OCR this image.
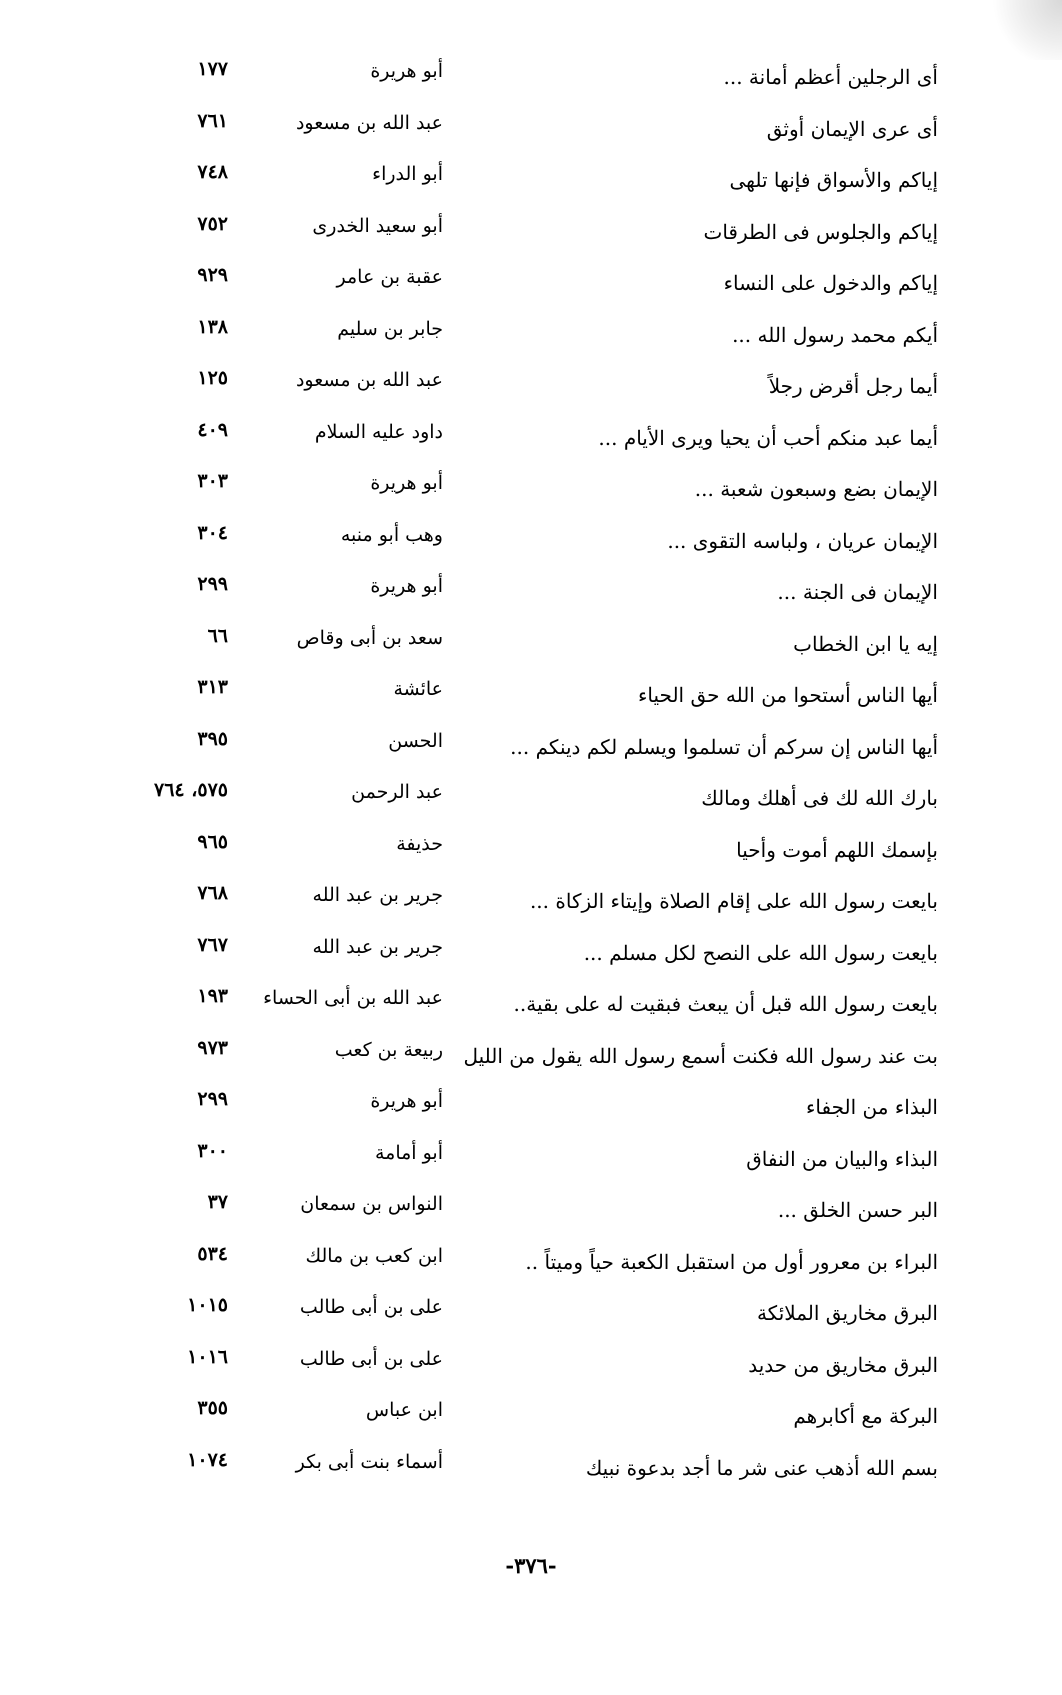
أى الرجلين أعظم أمانة ...
أبو هريرة
١٧٧
أى عرى الإيمان أوثق
عبد الله بن مسعود
٧٦١
إياكم والأسواق فإنها تلهى
أبو الدراء
٧٤٨
إياكم والجلوس فى الطرقات
أبو سعيد الخدرى
٧٥٢
إياكم والدخول على النساء
عقبة بن عامر
٩٢٩
أيكم محمد رسول الله ...
جابر بن سليم
١٣٨
أيما رجل أقرض رجلاً
عبد الله بن مسعود
١٢٥
أيما عبد منكم أحب أن يحيا ويرى الأيام ...
داود عليه السلام
٤٠٩
الإيمان بضع وسبعون شعبة ...
أبو هريرة
٣٠٣
الإيمان عريان ، ولباسه التقوى ...
وهب أبو منبه
٣٠٤
الإيمان فى الجنة ...
أبو هريرة
٢٩٩
إيه يا ابن الخطاب
سعد بن أبى وقاص
٦٦
أيها الناس أستحوا من الله حق الحياء
عائشة
٣١٣
أيها الناس إن سركم أن تسلموا ويسلم لكم دينكم ...
الحسن
٣٩٥
بارك الله لك فى أهلك ومالك
عبد الرحمن
٥٧٥، ٧٦٤
بإسمك اللهم أموت وأحيا
حذيفة
٩٦٥
بايعت رسول الله على إقام الصلاة وإيتاء الزكاة ...
جرير بن عبد الله
٧٦٨
بايعت رسول الله على النصح لكل مسلم ...
جرير بن عبد الله
٧٦٧
بايعت رسول الله قبل أن يبعث فبقيت له على بقية..
عبد الله بن أبى الحساء
١٩٣
بت عند رسول الله فكنت أسمع رسول الله يقول من الليل
ربيعة بن كعب
٩٧٣
البذاء من الجفاء
أبو هريرة
٢٩٩
البذاء والبيان من النفاق
أبو أمامة
٣٠٠
البر حسن الخلق ...
النواس بن سمعان
٣٧
البراء بن معرور أول من استقبل الكعبة حياً وميتاً ..
ابن كعب بن مالك
٥٣٤
البرق مخاريق الملائكة
على بن أبى طالب
١٠١٥
البرق مخاريق من حديد
على بن أبى طالب
١٠١٦
البركة مع أكابرهم
ابن عباس
٣٥٥
بسم الله أذهب عنى شر ما أجد بدعوة نبيك
أسماء بنت أبى بكر
١٠٧٤
-٣٧٦-
